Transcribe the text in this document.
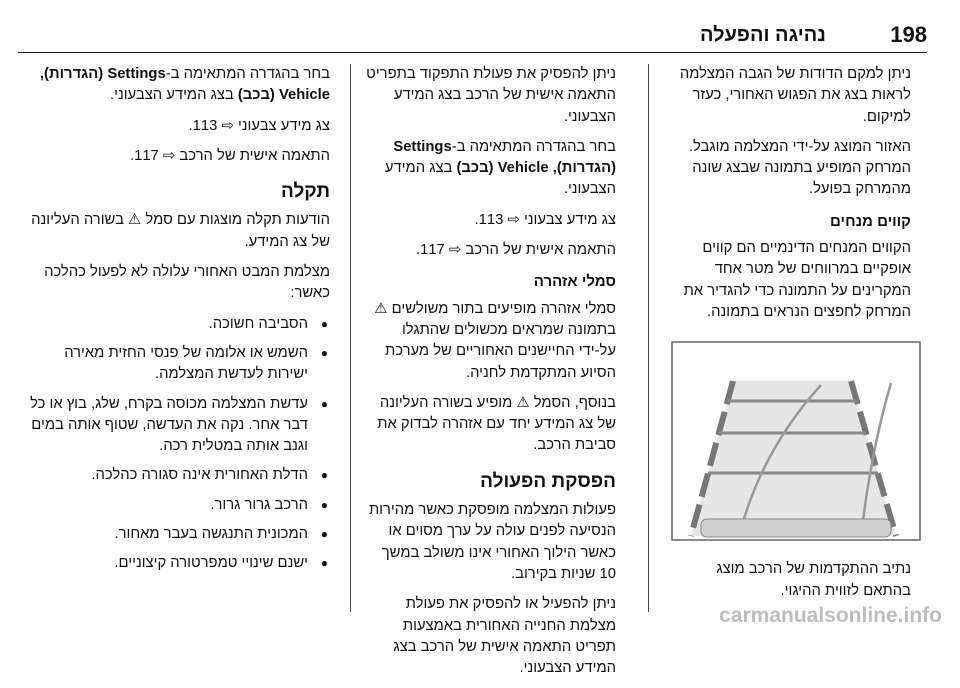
198
נהיגה והפעלה

ניתן למקם הדודות של הגבה המצלמה לראות בצג את הפגוש האחורי, כעזר למיקום.

האזור המוצג על-ידי המצלמה מוגבל. המרחק המופיע בתמונה שבצג שונה מהמרחק בפועל.

קווים מנחים

הקווים המנחים הדינמיים הם קווים אופקיים במרווחים של מטר אחד המקרינים על התמונה כדי להגדיר את המרחק לחפצים הנראים בתמונה.

נתיב ההתקדמות של הרכב מוצג בהתאם לזווית ההיגוי.

ניתן להפסיק את פעולת התפקוד בתפריט התאמה אישית של הרכב בצג המידע הצבעוני.

בחר בהגדרה המתאימה ב-Settings (הגדרות), Vehicle (בכב) בצג המידע הצבעוני.

צג מידע צבעוני ⇨ 113.

התאמה אישית של הרכב ⇨ 117.

סמלי אזהרה

סמלי אזהרה מופיעים בתור משולשים ⚠ בתמונה שמראים מכשולים שהתגלו על-ידי החיישנים האחוריים של מערכת הסיוע המתקדמת לחניה.

בנוסף, הסמל ⚠ מופיע בשורה העליונה של צג המידע יחד עם אזהרה לבדוק את סביבת הרכב.

הפסקת הפעולה

פעולות המצלמה מופסקת כאשר מהירות הנסיעה לפנים עולה על ערך מסוים או כאשר הילוך האחורי אינו משולב במשך 10 שניות בקירוב.

ניתן להפעיל או להפסיק את פעולת מצלמת החנייה האחורית באמצעות תפריט התאמה אישית של הרכב בצג המידע הצבעוני.

בחר בהגדרה המתאימה ב-Settings (הגדרות), Vehicle (בכב) בצג המידע הצבעוני.

צג מידע צבעוני ⇨ 113.

התאמה אישית של הרכב ⇨ 117.

תקלה

הודעות תקלה מוצגות עם סמל ⚠ בשורה העליונה של צג המידע.

מצלמת המבט האחורי עלולה לא לפעול כהלכה כאשר:

● הסביבה חשוכה.
● השמש או אלומה של פנסי החזית מאירה ישירות לעדשת המצלמה.
● עדשת המצלמה מכוסה בקרח, שלג, בוץ או כל דבר אחר. נקה את העדשה, שטוף אותה במים וגנב אותה במטלית רכה.
● הדלת האחורית אינה סגורה כהלכה.
● הרכב גרור גרור.
● המכונית התנגשה בעבר מאחור.
● ישנם שינויי טמפרטורה קיצוניים.
carmanualsonline.info
